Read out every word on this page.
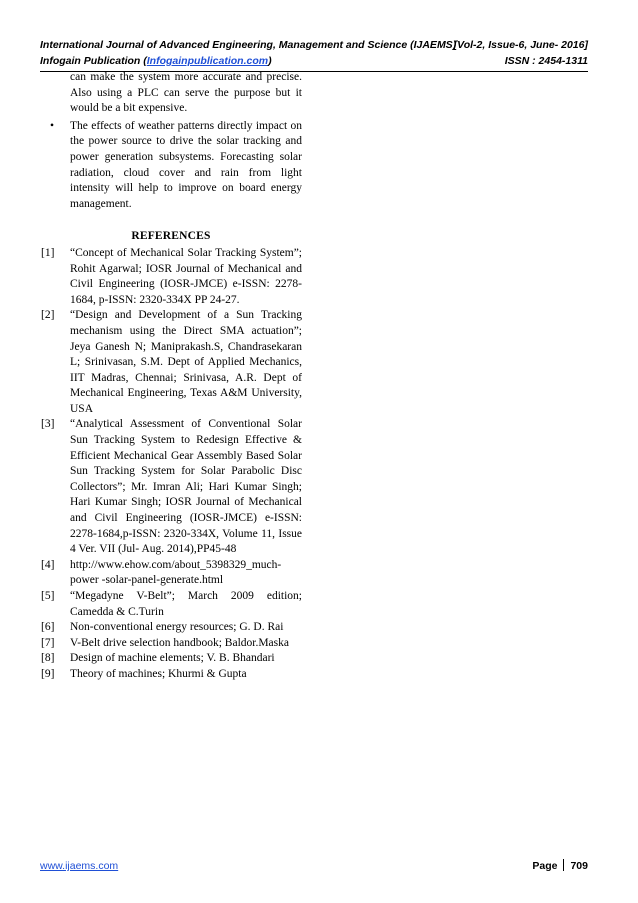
International Journal of Advanced Engineering, Management and Science (IJAEMS)
[Vol-2, Issue-6, June- 2016]
Infogain Publication (Infogainpublication.com)	ISSN : 2454-1311
can make the system more accurate and precise. Also using a PLC can serve the purpose but it would be a bit expensive.
• The effects of weather patterns directly impact on the power source to drive the solar tracking and power generation subsystems. Forecasting solar radiation, cloud cover and rain from light intensity will help to improve on board energy management.
REFERENCES
[1] “Concept of Mechanical Solar Tracking System”; Rohit Agarwal; IOSR Journal of Mechanical and Civil Engineering (IOSR-JMCE) e-ISSN: 2278-1684, p-ISSN: 2320-334X PP 24-27.
[2] “Design and Development of a Sun Tracking mechanism using the Direct SMA actuation”; Jeya Ganesh N; Maniprakash.S, Chandrasekaran L; Srinivasan, S.M. Dept of Applied Mechanics, IIT Madras, Chennai; Srinivasa, A.R. Dept of Mechanical Engineering, Texas A&M University, USA
[3] “Analytical Assessment of Conventional Solar Sun Tracking System to Redesign Effective & Efficient Mechanical Gear Assembly Based Solar Sun Tracking System for Solar Parabolic Disc Collectors”; Mr. Imran Ali; Hari Kumar Singh; Hari Kumar Singh; IOSR Journal of Mechanical and Civil Engineering (IOSR-JMCE) e-ISSN: 2278-1684,p-ISSN: 2320-334X, Volume 11, Issue 4 Ver. VII (Jul- Aug. 2014),PP45-48
[4] http://www.ehow.com/about_5398329_much-power -solar-panel-generate.html
[5] “Megadyne V-Belt”; March 2009 edition; Camedda & C.Turin
[6] Non-conventional energy resources; G. D. Rai
[7] V-Belt drive selection handbook; Baldor.Maska
[8] Design of machine elements; V. B. Bhandari
[9] Theory of machines; Khurmi & Gupta
www.ijaems.com	Page 709
